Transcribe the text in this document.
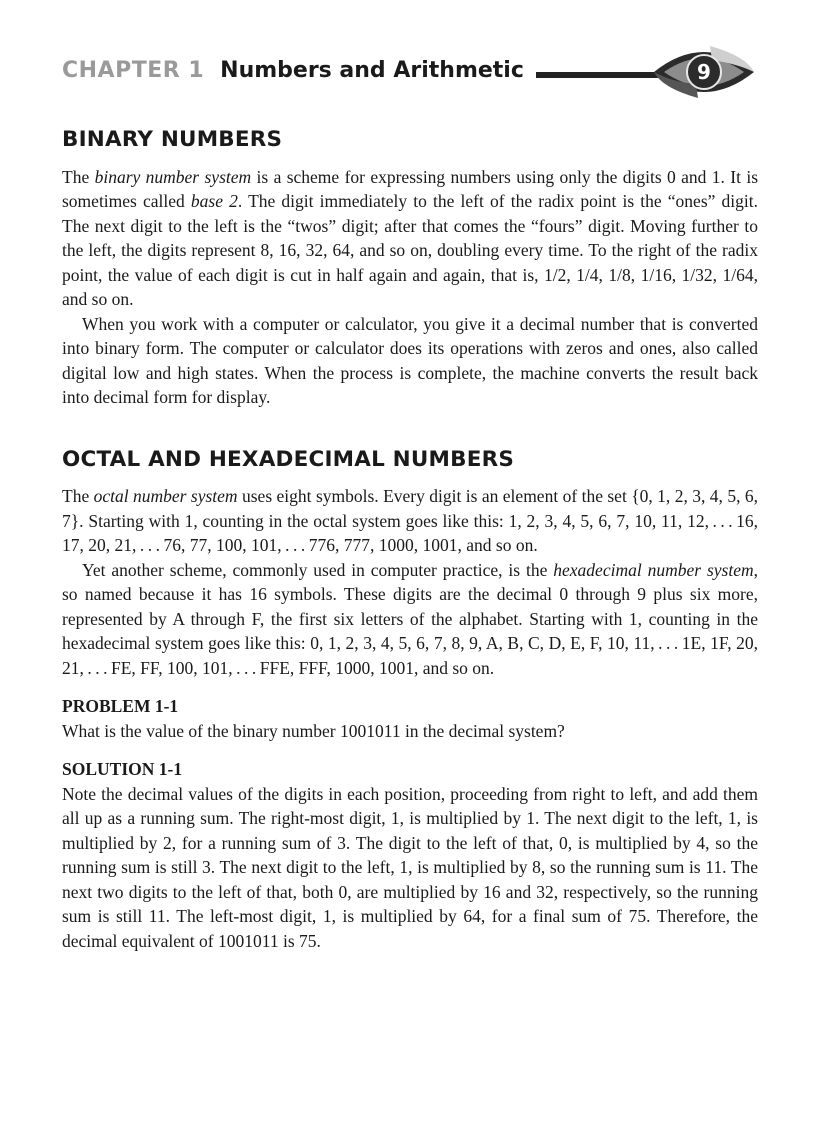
CHAPTER 1 Numbers and Arithmetic	9
BINARY NUMBERS

The binary number system is a scheme for expressing numbers using only the digits 0 and 1. It is sometimes called base 2. The digit immediately to the left of the radix point is the “ones” digit. The next digit to the left is the “twos” digit; after that comes the “fours” digit. Moving further to the left, the digits represent 8, 16, 32, 64, and so on, doubling every time. To the right of the radix point, the value of each digit is cut in half again and again, that is, 1/2, 1/4, 1/8, 1/16, 1/32, 1/64, and so on.

When you work with a computer or calculator, you give it a decimal number that is converted into binary form. The computer or calculator does its operations with zeros and ones, also called digital low and high states. When the process is complete, the machine converts the result back into decimal form for display.

OCTAL AND HEXADECIMAL NUMBERS

The octal number system uses eight symbols. Every digit is an element of the set {0, 1, 2, 3, 4, 5, 6, 7}. Starting with 1, counting in the octal system goes like this: 1, 2, 3, 4, 5, 6, 7, 10, 11, 12, . . . 16, 17, 20, 21, . . . 76, 77, 100, 101, . . . 776, 777, 1000, 1001, and so on.

Yet another scheme, commonly used in computer practice, is the hexadecimal number system, so named because it has 16 symbols. These digits are the decimal 0 through 9 plus six more, represented by A through F, the first six letters of the alphabet. Starting with 1, counting in the hexadecimal system goes like this: 0, 1, 2, 3, 4, 5, 6, 7, 8, 9, A, B, C, D, E, F, 10, 11, . . . 1E, 1F, 20, 21, . . . FE, FF, 100, 101, . . . FFE, FFF, 1000, 1001, and so on.

PROBLEM 1-1

What is the value of the binary number 1001011 in the decimal system?

SOLUTION 1-1

Note the decimal values of the digits in each position, proceeding from right to left, and add them all up as a running sum. The right-most digit, 1, is multiplied by 1. The next digit to the left, 1, is multiplied by 2, for a running sum of 3. The digit to the left of that, 0, is multiplied by 4, so the running sum is still 3. The next digit to the left, 1, is multiplied by 8, so the running sum is 11. The next two digits to the left of that, both 0, are multiplied by 16 and 32, respectively, so the running sum is still 11. The left-most digit, 1, is multiplied by 64, for a final sum of 75. Therefore, the decimal equivalent of 1001011 is 75.
